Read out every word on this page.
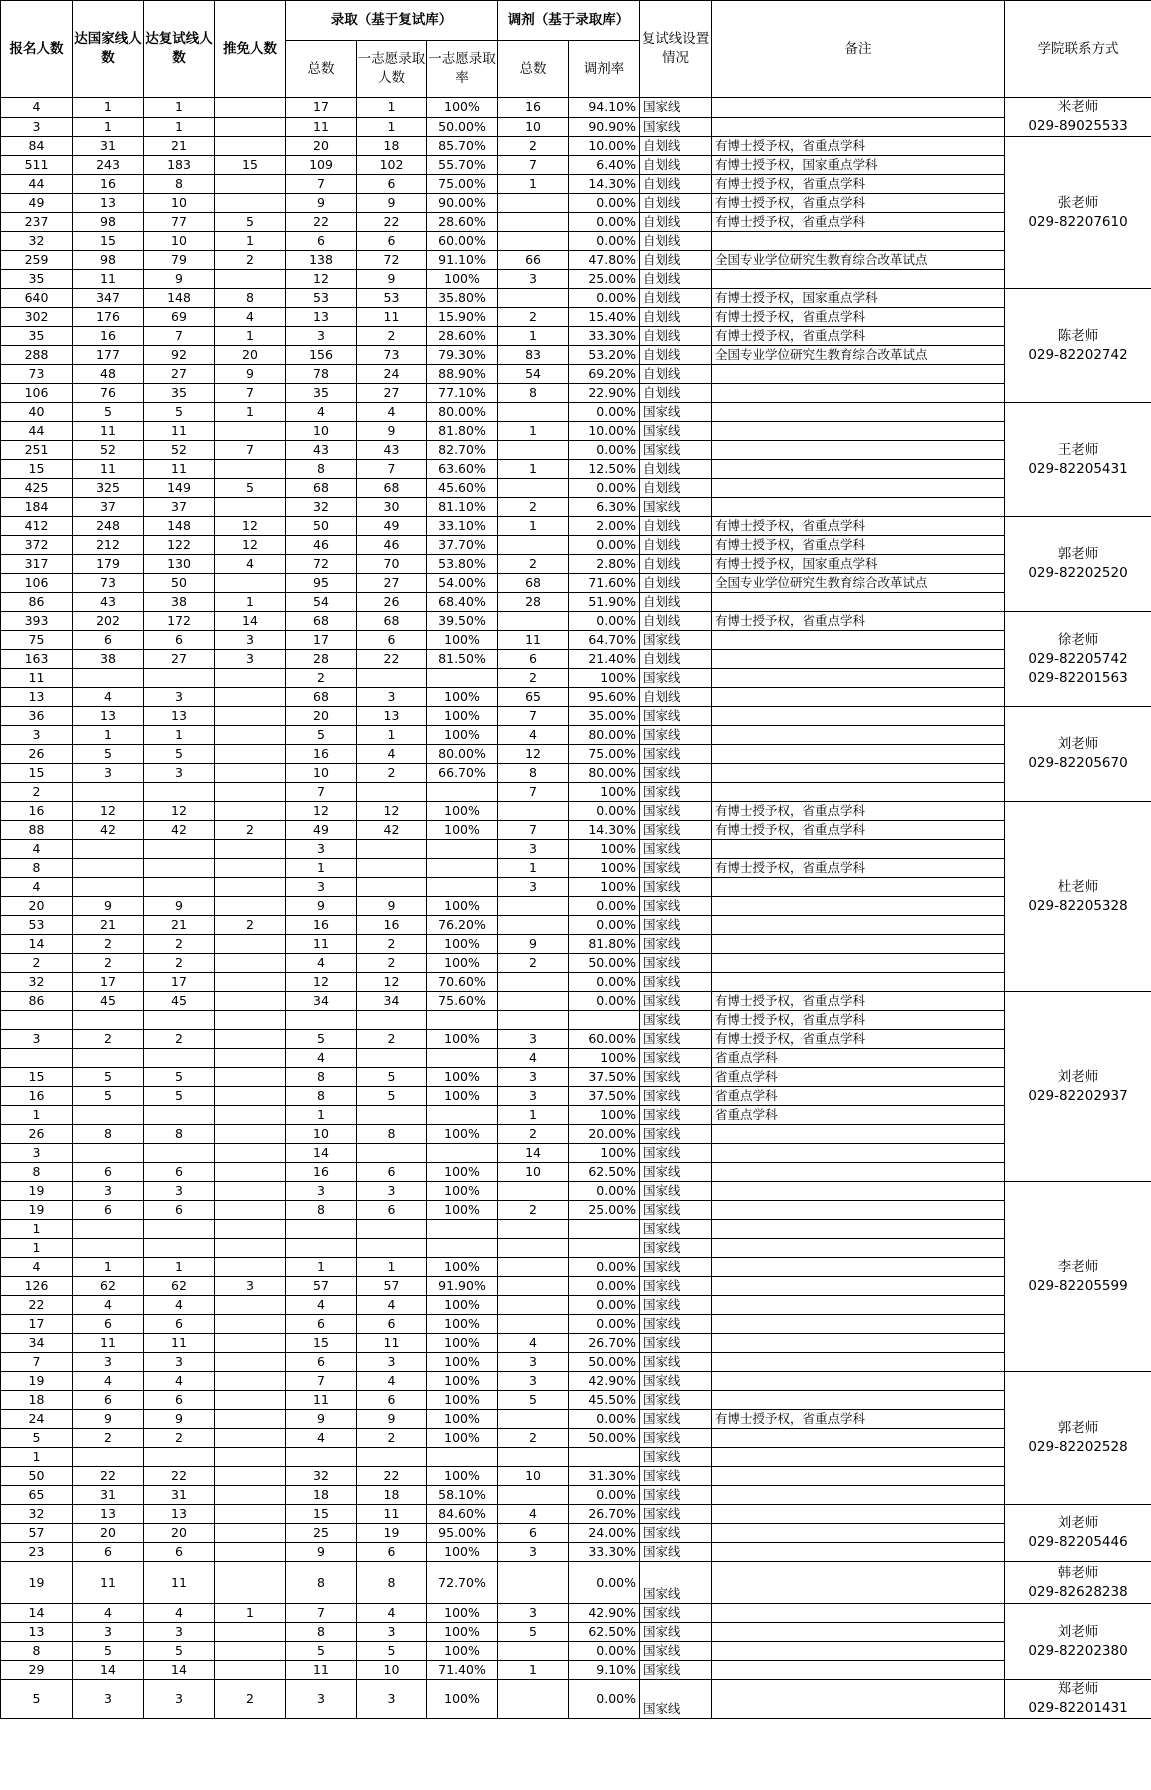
报名人数	达国家线人数	达复试线人数	推免人数	录取（基于复试库）			调剂（基于录取库）		复试线设置情况	备注	学院联系方式
				总数	一志愿录取人数	一志愿录取率	总数	调剂率			
4	1	1		17	1	100%	16	94.10%	国家线		米老师
029-89025533
3	1	1		11	1	50.00%	10	90.90%	国家线		
84	31	21		20	18	85.70%	2	10.00%	自划线	有博士授予权，省重点学科	张老师
029-82207610
511	243	183	15	109	102	55.70%	7	6.40%	自划线	有博士授予权，国家重点学科	
44	16	8		7	6	75.00%	1	14.30%	自划线	有博士授予权，省重点学科	
49	13	10		9	9	90.00%		0.00%	自划线	有博士授予权，省重点学科	
237	98	77	5	22	22	28.60%		0.00%	自划线	有博士授予权，省重点学科	
32	15	10	1	6	6	60.00%		0.00%	自划线		
259	98	79	2	138	72	91.10%	66	47.80%	自划线	全国专业学位研究生教育综合改革试点	
35	11	9		12	9	100%	3	25.00%	自划线		
640	347	148	8	53	53	35.80%		0.00%	自划线	有博士授予权，国家重点学科	陈老师
029-82202742
302	176	69	4	13	11	15.90%	2	15.40%	自划线	有博士授予权，省重点学科	
35	16	7	1	3	2	28.60%	1	33.30%	自划线	有博士授予权，省重点学科	
288	177	92	20	156	73	79.30%	83	53.20%	自划线	全国专业学位研究生教育综合改革试点	
73	48	27	9	78	24	88.90%	54	69.20%	自划线		
106	76	35	7	35	27	77.10%	8	22.90%	自划线		
40	5	5	1	4	4	80.00%		0.00%	国家线		王老师
029-82205431
44	11	11		10	9	81.80%	1	10.00%	国家线		
251	52	52	7	43	43	82.70%		0.00%	国家线		
15	11	11		8	7	63.60%	1	12.50%	自划线		
425	325	149	5	68	68	45.60%		0.00%	自划线		
184	37	37		32	30	81.10%	2	6.30%	国家线		
412	248	148	12	50	49	33.10%	1	2.00%	自划线	有博士授予权，省重点学科	郭老师
029-82202520
372	212	122	12	46	46	37.70%		0.00%	自划线	有博士授予权，省重点学科	
317	179	130	4	72	70	53.80%	2	2.80%	自划线	有博士授予权，国家重点学科	
106	73	50		95	27	54.00%	68	71.60%	自划线	全国专业学位研究生教育综合改革试点	
86	43	38	1	54	26	68.40%	28	51.90%	自划线		
393	202	172	14	68	68	39.50%		0.00%	自划线	有博士授予权，省重点学科	徐老师
029-82205742
029-82201563
75	6	6	3	17	6	100%	11	64.70%	国家线		
163	38	27	3	28	22	81.50%	6	21.40%	自划线		
11				2			2	100%	国家线		
13	4	3		68	3	100%	65	95.60%	自划线		
36	13	13		20	13	100%	7	35.00%	国家线		刘老师
029-82205670
3	1	1		5	1	100%	4	80.00%	国家线		
26	5	5		16	4	80.00%	12	75.00%	国家线		
15	3	3		10	2	66.70%	8	80.00%	国家线		
2				7			7	100%	国家线		
16	12	12		12	12	100%		0.00%	国家线	有博士授予权，省重点学科	杜老师
029-82205328
88	42	42	2	49	42	100%	7	14.30%	国家线	有博士授予权，省重点学科	
4				3			3	100%	国家线		
8				1			1	100%	国家线	有博士授予权，省重点学科	
4				3			3	100%	国家线		
20	9	9		9	9	100%		0.00%	国家线		
53	21	21	2	16	16	76.20%		0.00%	国家线		
14	2	2		11	2	100%	9	81.80%	国家线		
2	2	2		4	2	100%	2	50.00%	国家线		
32	17	17		12	12	70.60%		0.00%	国家线		
86	45	45		34	34	75.60%		0.00%	国家线	有博士授予权，省重点学科	刘老师
029-82202937
									国家线	有博士授予权，省重点学科	
3	2	2		5	2	100%	3	60.00%	国家线	有博士授予权，省重点学科	
				4			4	100%	国家线	省重点学科	
15	5	5		8	5	100%	3	37.50%	国家线	省重点学科	
16	5	5		8	5	100%	3	37.50%	国家线	省重点学科	
1				1			1	100%	国家线	省重点学科	
26	8	8		10	8	100%	2	20.00%	国家线		
3				14			14	100%	国家线		
8	6	6		16	6	100%	10	62.50%	国家线		
19	3	3		3	3	100%		0.00%	国家线		李老师
029-82205599
19	6	6		8	6	100%	2	25.00%	国家线		
1									国家线		
1									国家线		
4	1	1		1	1	100%		0.00%	国家线		
126	62	62	3	57	57	91.90%		0.00%	国家线		
22	4	4		4	4	100%		0.00%	国家线		
17	6	6		6	6	100%		0.00%	国家线		
34	11	11		15	11	100%	4	26.70%	国家线		
7	3	3		6	3	100%	3	50.00%	国家线		
19	4	4		7	4	100%	3	42.90%	国家线		郭老师
029-82202528
18	6	6		11	6	100%	5	45.50%	国家线		
24	9	9		9	9	100%		0.00%	国家线	有博士授予权，省重点学科	
5	2	2		4	2	100%	2	50.00%	国家线		
1									国家线		
50	22	22		32	22	100%	10	31.30%	国家线		
65	31	31		18	18	58.10%		0.00%	国家线		
32	13	13		15	11	84.60%	4	26.70%	国家线		刘老师
029-82205446
57	20	20		25	19	95.00%	6	24.00%	国家线		
23	6	6		9	6	100%	3	33.30%	国家线		
19	11	11		8	8	72.70%		0.00%	国家线		韩老师
029-82628238
14	4	4	1	7	4	100%	3	42.90%	国家线		刘老师
029-82202380
13	3	3		8	3	100%	5	62.50%	国家线		
8	5	5		5	5	100%		0.00%	国家线		
29	14	14		11	10	71.40%	1	9.10%	国家线		
5	3	3	2	3	3	100%		0.00%	国家线		郑老师
029-82201431
